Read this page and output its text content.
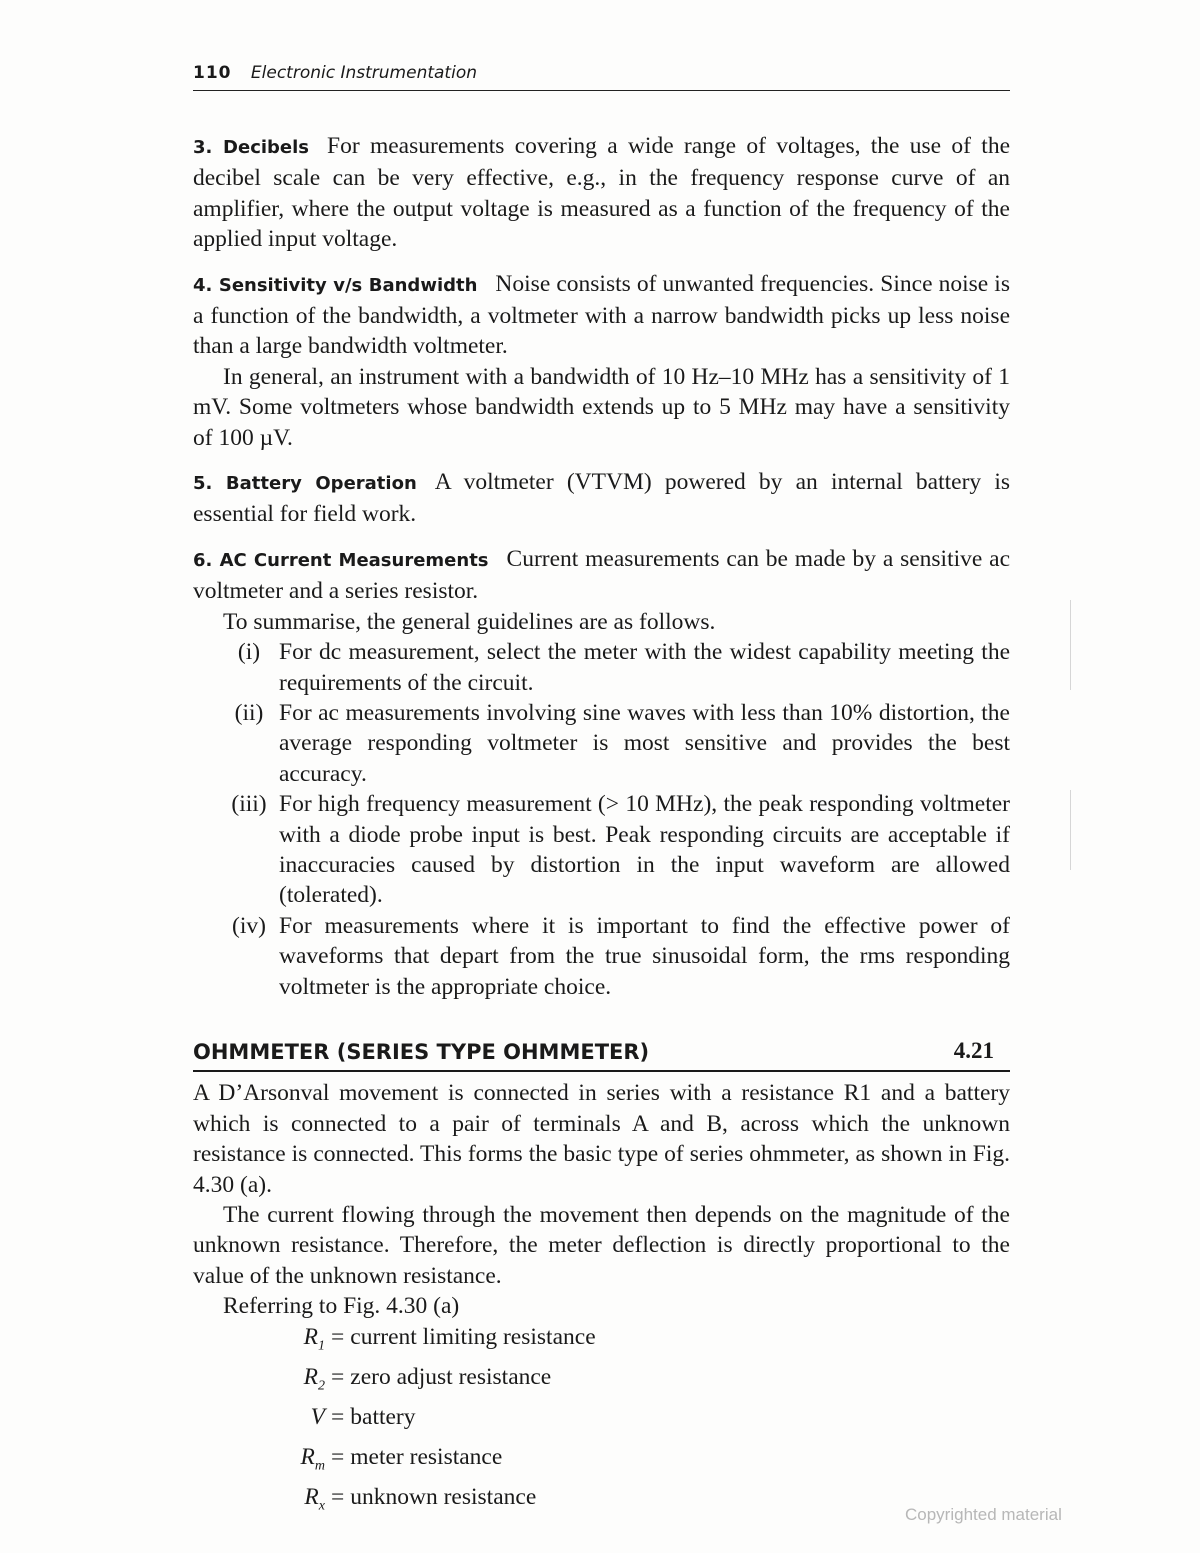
110 Electronic Instrumentation

3. Decibels For measurements covering a wide range of voltages, the use of the decibel scale can be very effective, e.g., in the frequency response curve of an amplifier, where the output voltage is measured as a function of the frequency of the applied input voltage.

4. Sensitivity v/s Bandwidth Noise consists of unwanted frequencies. Since noise is a function of the bandwidth, a voltmeter with a narrow bandwidth picks up less noise than a large bandwidth voltmeter.

In general, an instrument with a bandwidth of 10 Hz–10 MHz has a sensitivity of 1 mV. Some voltmeters whose bandwidth extends up to 5 MHz may have a sensitivity of 100 µV.

5. Battery Operation A voltmeter (VTVM) powered by an internal battery is essential for field work.

6. AC Current Measurements Current measurements can be made by a sensitive ac voltmeter and a series resistor.

To summarise, the general guidelines are as follows.

(i) For dc measurement, select the meter with the widest capability meeting the requirements of the circuit.
(ii) For ac measurements involving sine waves with less than 10% distortion, the average responding voltmeter is most sensitive and provides the best accuracy.
(iii) For high frequency measurement (> 10 MHz), the peak responding voltmeter with a diode probe input is best. Peak responding circuits are acceptable if inaccuracies caused by distortion in the input waveform are allowed (tolerated).
(iv) For measurements where it is important to find the effective power of waveforms that depart from the true sinusoidal form, the rms responding voltmeter is the appropriate choice.
OHMMETER (SERIES TYPE OHMMETER)	4.21

A D’Arsonval movement is connected in series with a resistance R1 and a battery which is connected to a pair of terminals A and B, across which the unknown resistance is connected. This forms the basic type of series ohmmeter, as shown in Fig. 4.30 (a).

The current flowing through the movement then depends on the magnitude of the unknown resistance. Therefore, the meter deflection is directly proportional to the value of the unknown resistance.

Referring to Fig. 4.30 (a)

$R_1$ = current limiting resistance
$R_2$ = zero adjust resistance
V = battery
$R_m$ = meter resistance
$R_x$ = unknown resistance
Copyrighted material
